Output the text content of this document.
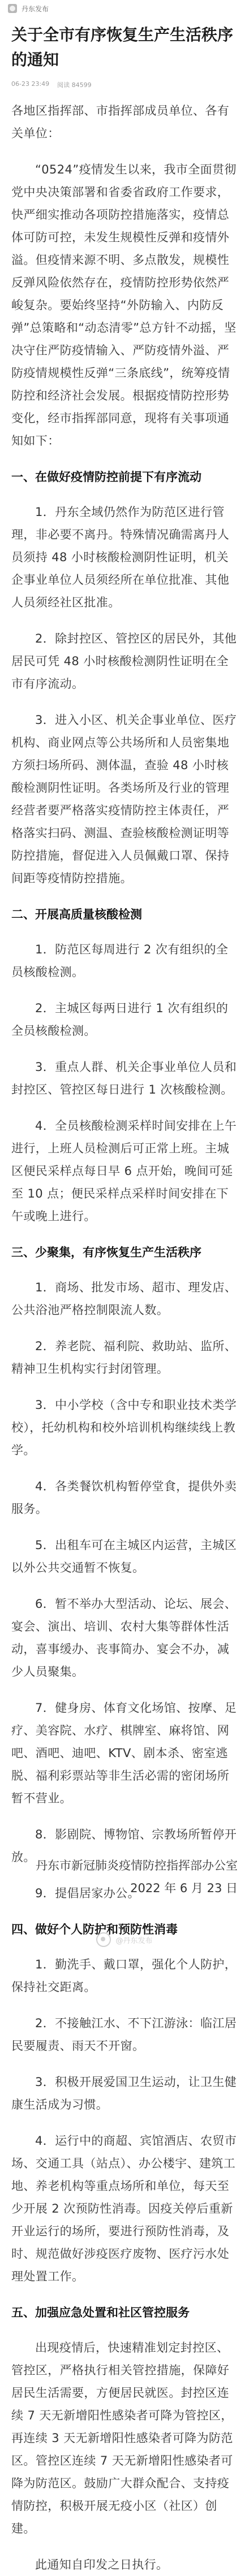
丹东发布
关于全市有序恢复生产生活秩序的通知
06-23 23:49 阅读 84599
各地区指挥部、市指挥部成员单位、各有关单位：
“0524”疫情发生以来，我市全面贯彻党中央决策部署和省委省政府工作要求，快严细实推动各项防控措施落实，疫情总体可防可控，未发生规模性反弹和疫情外溢。但疫情来源不明、多点散发，规模性反弹风险依然存在，疫情防控形势依然严峻复杂。要始终坚持“外防输入、内防反弹”总策略和“动态清零”总方针不动摇，坚决守住严防疫情输入、严防疫情外溢、严防疫情规模性反弹“三条底线”，统筹疫情防控和经济社会发展。根据疫情防控形势变化，经市指挥部同意，现将有关事项通知如下：
一、在做好疫情防控前提下有序流动
1．丹东全域仍然作为防范区进行管理，非必要不离丹。特殊情况确需离丹人员须持 48 小时核酸检测阴性证明，机关企事业单位人员须经所在单位批准、其他人员须经社区批准。
2．除封控区、管控区的居民外，其他居民可凭 48 小时核酸检测阴性证明在全市有序流动。
3．进入小区、机关企事业单位、医疗机构、商业网点等公共场所和人员密集地方须扫场所码、测体温，查验 48 小时核酸检测阴性证明。各类场所及行业的管理经营者要严格落实疫情防控主体责任，严格落实扫码、测温、查验核酸检测证明等防控措施，督促进入人员佩戴口罩、保持间距等疫情防控措施。
二、开展高质量核酸检测
1．防范区每周进行 2 次有组织的全员核酸检测。
2．主城区每两日进行 1 次有组织的全员核酸检测。
3．重点人群、机关企事业单位人员和封控区、管控区每日进行 1 次核酸检测。
4．全员核酸检测采样时间安排在上午进行，上班人员检测后可正常上班。主城区便民采样点每日早 6 点开始，晚间可延至 10 点；便民采样点采样时间安排在下午或晚上进行。
三、少聚集，有序恢复生产生活秩序
1．商场、批发市场、超市、理发店、公共浴池严格控制限流人数。
2．养老院、福利院、救助站、监所、精神卫生机构实行封闭管理。
3．中小学校（含中专和职业技术类学校），托幼机构和校外培训机构继续线上教学。
4．各类餐饮机构暂停堂食，提供外卖服务。
5．出租车可在主城区内运营，主城区以外公共交通暂不恢复。
6．暂不举办大型活动、论坛、展会、宴会、演出、培训、农村大集等群体性活动，喜事缓办、丧事简办、宴会不办，减少人员聚集。
7．健身房、体育文化场馆、按摩、足疗、美容院、水疗、棋牌室、麻将馆、网吧、酒吧、迪吧、KTV、剧本杀、密室逃脱、福利彩票站等非生活必需的密闭场所暂不营业。
8．影剧院、博物馆、宗教场所暂停开放。
9．提倡居家办公。
四、做好个人防护和预防性消毒
1．勤洗手、戴口罩，强化个人防护，保持社交距离。
2．不接触江水、不下江游泳：临江居民要履责、雨天不开窗。
3．积极开展爱国卫生运动，让卫生健康生活成为习惯。
4．运行中的商超、宾馆酒店、农贸市场、交通工具（站点）、办公楼宇、建筑工地、养老机构等重点场所和单位，每天至少开展 2 次预防性消毒。因疫关停后重新开业运行的场所，要进行预防性消毒，及时、规范做好涉疫医疗废物、医疗污水处理处置工作。
五、加强应急处置和社区管控服务
出现疫情后，快速精准划定封控区、管控区，严格执行相关管控措施，保障好居民生活需要，方便居民就医。封控区连续 7 天无新增阳性感染者可降为管控区，再连续 3 天无新增阳性感染者可降为防范区。管控区连续 7 天无新增阳性感染者可降为防范区。鼓励广大群众配合、支持疫情防控，积极开展无疫小区（社区）创建。
此通知自印发之日执行。
丹东市新冠肺炎疫情防控指挥部办公室
2022 年 6 月 23 日
@丹东发布
